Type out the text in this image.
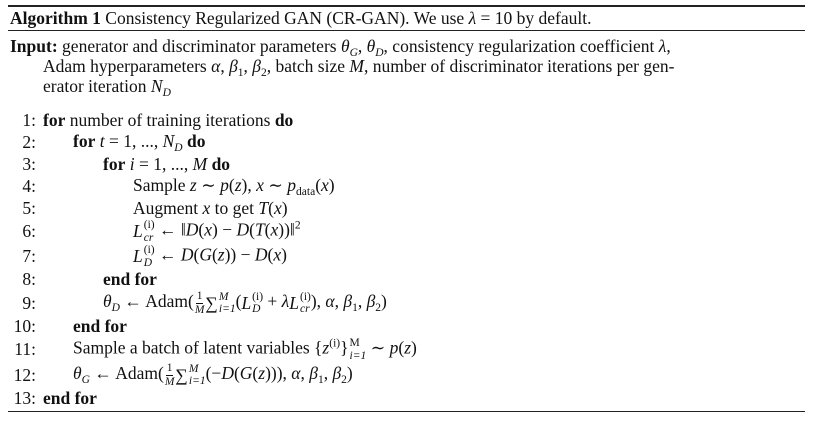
Algorithm 1 Consistency Regularized GAN (CR-GAN). We use λ = 10 by default.
Input: generator and discriminator parameters $\theta_G$, $\theta_D$, consistency regularization coefficient λ,
Adam hyperparameters α, $\beta_1$, $\beta_2$, batch size M, number of discriminator iterations per gen-
erator iteration $N_D$
1: for number of training iterations do
2: for t = 1, ..., $N_D$ do
3:	for i = 1, ..., M do
4:	Sample z ∼ p(z), x ∼ $p_{data}(x)$
5:	Augment x to get T(x)
6:	L (i)
cr ← ‖D(x) − D(T(x))‖$^2$
7:	L (i)
D ← D(G(z)) − D(x)
8:	end for
9:	$\theta_D$ ← Adam( $\frac{1}{M}$ ∑ M
i=1 ( L (i)
D + λ L (i)
cr ), α, $\beta_1$, $\beta_2$)
10: end for
11: Sample a batch of latent variables $\{z^{(i)}\}$ M
i=1 ∼ p(z)
12: $\theta_G$ ← Adam( $\frac{1}{M}$ ∑ M
i=1 (−D(G(z))), α, $\beta_1$, $\beta_2$)
13: end for
